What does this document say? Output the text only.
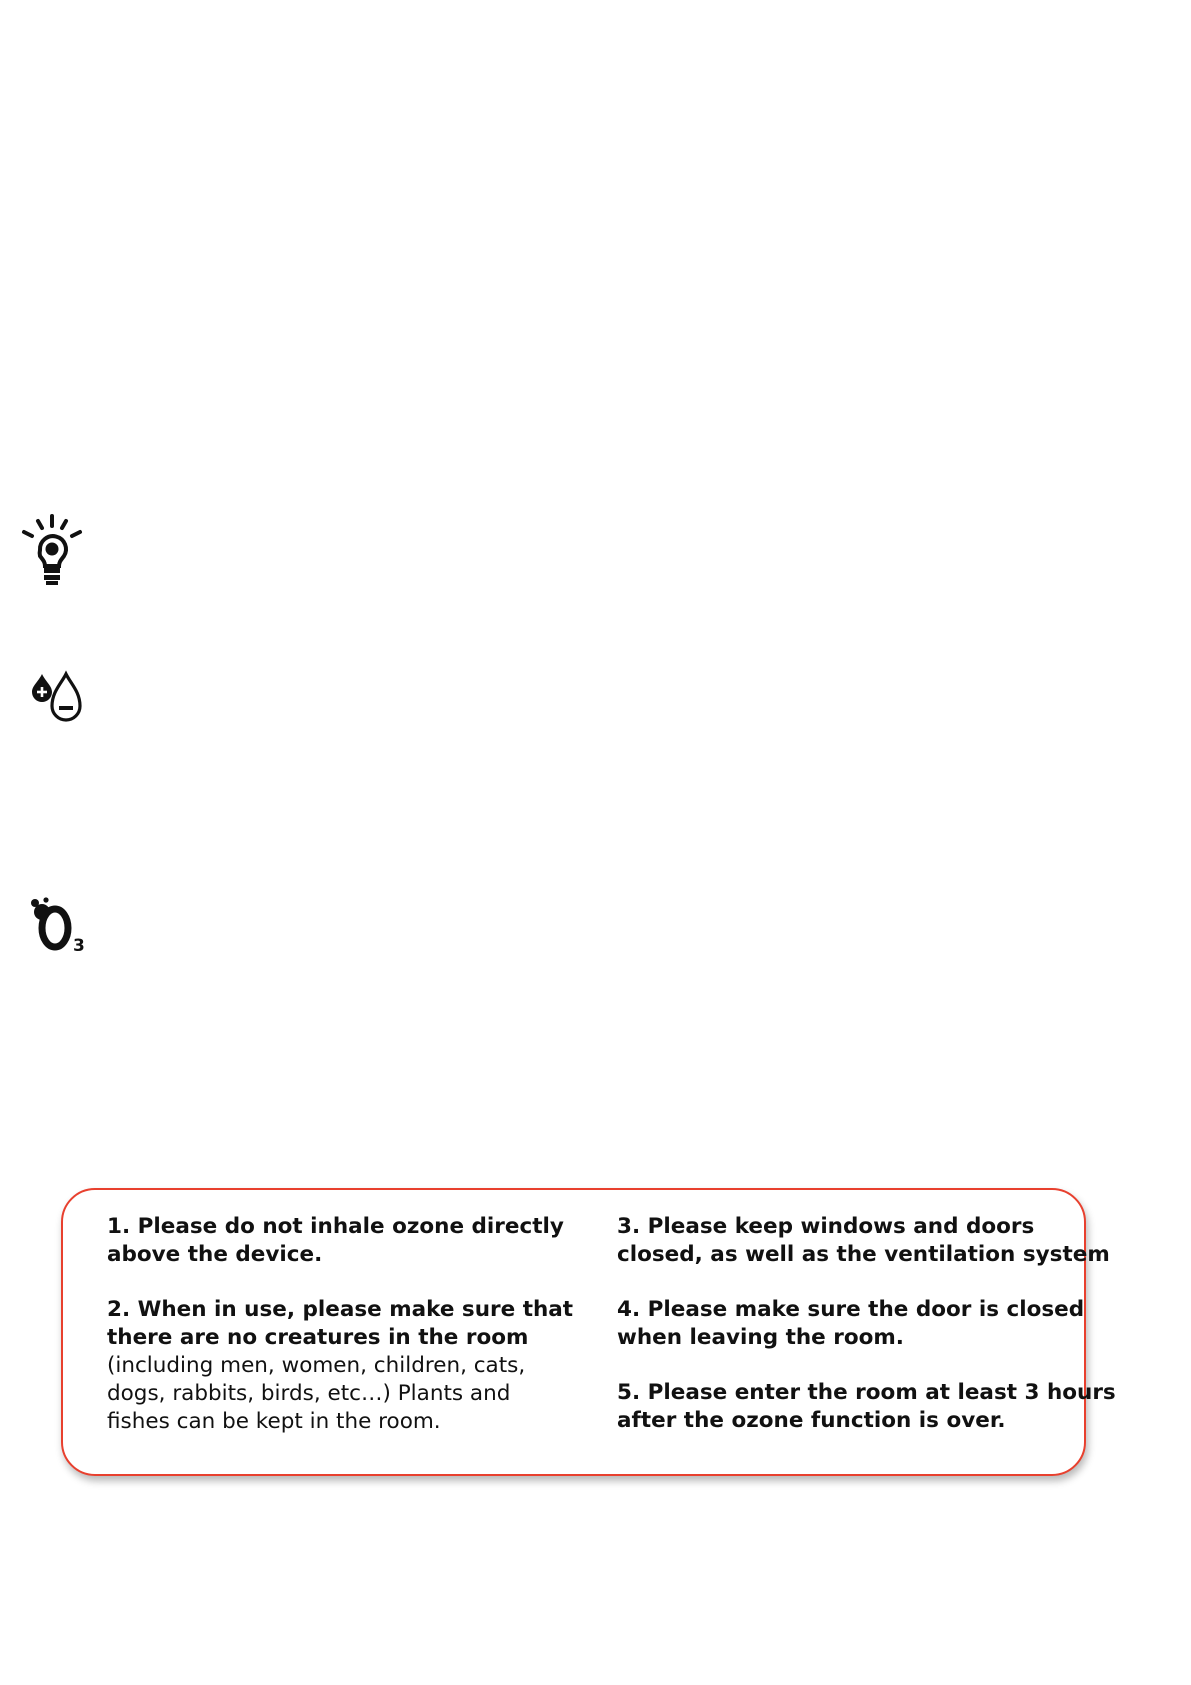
3
1. Please do not inhale ozone directly
above the device.
2. When in use, please make sure that
there are no creatures in the room
(including men, women, children, cats,
dogs, rabbits, birds, etc…) Plants and
fishes can be kept in the room.
3. Please keep windows and doors
closed, as well as the ventilation system
4. Please make sure the door is closed
when leaving the room.
5. Please enter the room at least 3 hours
after the ozone function is over.
